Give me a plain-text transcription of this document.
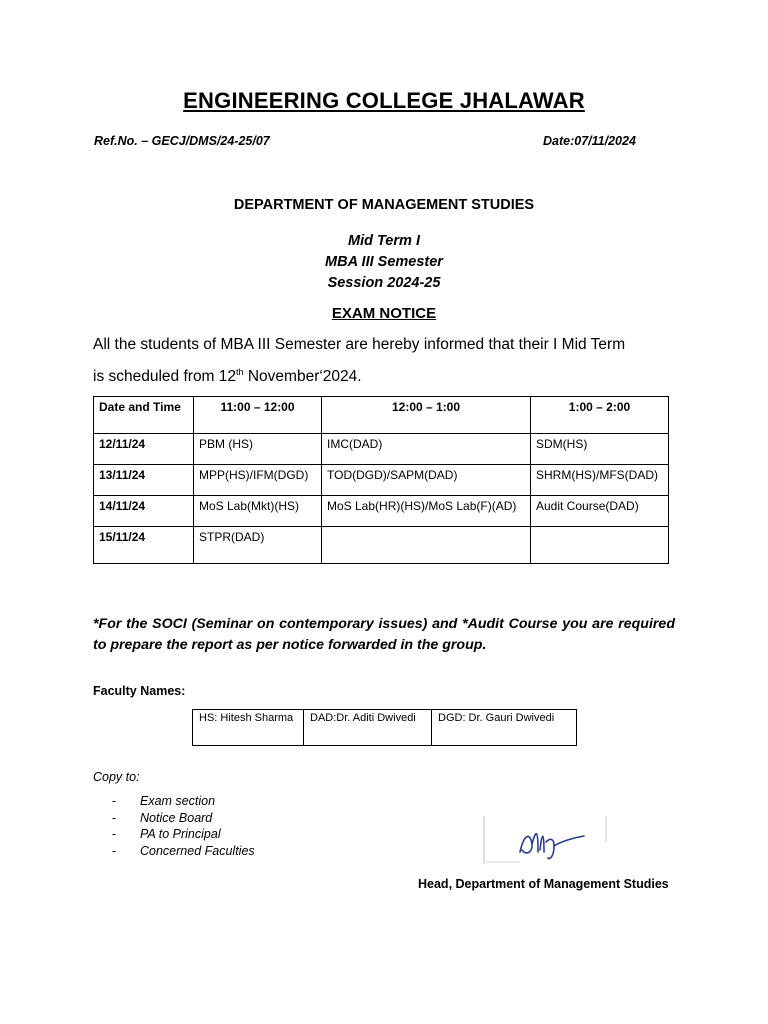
ENGINEERING COLLEGE JHALAWAR
Ref.No. – GECJ/DMS/24-25/07	Date:07/11/2024
DEPARTMENT OF MANAGEMENT STUDIES
Mid Term I
MBA III Semester
Session 2024-25
EXAM NOTICE
All the students of MBA III Semester are hereby informed that their I Mid Term
is scheduled from 12th November‘2024.
Date and Time	11:00 – 12:00	12:00 – 1:00	1:00 – 2:00
12/11/24	PBM (HS)	IMC(DAD)	SDM(HS)
13/11/24	MPP(HS)/IFM(DGD)	TOD(DGD)/SAPM(DAD)	SHRM(HS)/MFS(DAD)
14/11/24	MoS Lab(Mkt)(HS)	MoS Lab(HR)(HS)/MoS Lab(F)(AD)	Audit Course(DAD)
15/11/24	STPR(DAD)		
*For the SOCI (Seminar on contemporary issues) and *Audit Course you are required to prepare the report as per notice forwarded in the group.
Faculty Names:
HS: Hitesh Sharma	DAD:Dr. Aditi Dwivedi	DGD: Dr. Gauri Dwivedi
Copy to:
- Exam section
- Notice Board
- PA to Principal
- Concerned Faculties
Head, Department of Management Studies
